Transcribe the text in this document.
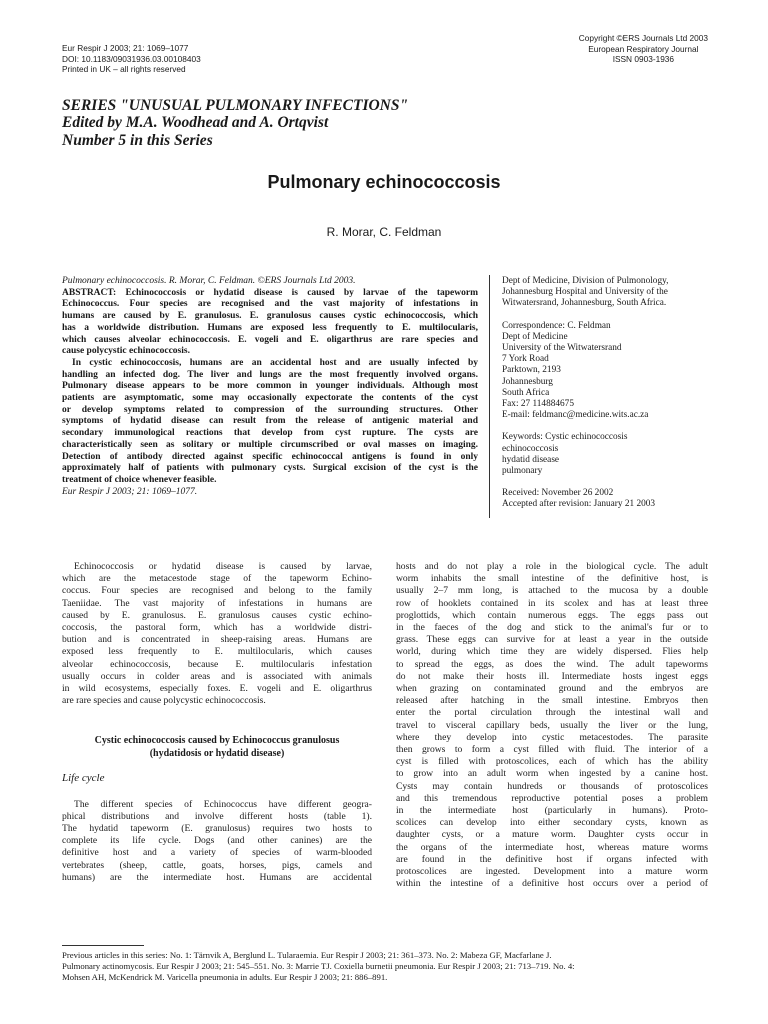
Eur Respir J 2003; 21: 1069–1077
DOI: 10.1183/09031936.03.00108403
Printed in UK – all rights reserved
Copyright ©ERS Journals Ltd 2003
European Respiratory Journal
ISSN 0903-1936
SERIES "UNUSUAL PULMONARY INFECTIONS"
Edited by M.A. Woodhead and A. Ortqvist
Number 5 in this Series
Pulmonary echinococcosis
R. Morar, C. Feldman
Pulmonary echinococcosis. R. Morar, C. Feldman. ©ERS Journals Ltd 2003.
ABSTRACT: Echinococcosis or hydatid disease is caused by larvae of the tapeworm
Echinococcus. Four species are recognised and the vast majority of infestations in
humans are caused by E. granulosus. E. granulosus causes cystic echinococcosis, which
has a worldwide distribution. Humans are exposed less frequently to E. multilocularis,
which causes alveolar echinococcosis. E. vogeli and E. oligarthrus are rare species and
cause polycystic echinococcosis.
In cystic echinococcosis, humans are an accidental host and are usually infected by
handling an infected dog. The liver and lungs are the most frequently involved organs.
Pulmonary disease appears to be more common in younger individuals. Although most
patients are asymptomatic, some may occasionally expectorate the contents of the cyst
or develop symptoms related to compression of the surrounding structures. Other
symptoms of hydatid disease can result from the release of antigenic material and
secondary immunological reactions that develop from cyst rupture. The cysts are
characteristically seen as solitary or multiple circumscribed or oval masses on imaging.
Detection of antibody directed against specific echinococcal antigens is found in only
approximately half of patients with pulmonary cysts. Surgical excision of the cyst is the
treatment of choice whenever feasible.
Eur Respir J 2003; 21: 1069–1077.
Dept of Medicine, Division of Pulmonology,
Johannesburg Hospital and University of the
Witwatersrand, Johannesburg, South Africa.
Correspondence: C. Feldman
Dept of Medicine
University of the Witwatersrand
7 York Road
Parktown, 2193
Johannesburg
South Africa
Fax: 27 114884675
E-mail: feldmanc@medicine.wits.ac.za
Keywords: Cystic echinococcosis
echinococcosis
hydatid disease
pulmonary
Received: November 26 2002
Accepted after revision: January 21 2003
Echinococcosis or hydatid disease is caused by larvae,
which are the metacestode stage of the tapeworm Echino-
coccus. Four species are recognised and belong to the family
Taeniidae. The vast majority of infestations in humans are
caused by E. granulosus. E. granulosus causes cystic echino-
coccosis, the pastoral form, which has a worldwide distri-
bution and is concentrated in sheep-raising areas. Humans are
exposed less frequently to E. multilocularis, which causes
alveolar echinococcosis, because E. multilocularis infestation
usually occurs in colder areas and is associated with animals
in wild ecosystems, especially foxes. E. vogeli and E. oligarthrus
are rare species and cause polycystic echinococcosis.
Cystic echinococcosis caused by Echinococcus granulosus
(hydatidosis or hydatid disease)
Life cycle
The different species of Echinococcus have different geogra-
phical distributions and involve different hosts (table 1).
The hydatid tapeworm (E. granulosus) requires two hosts to
complete its life cycle. Dogs (and other canines) are the
definitive host and a variety of species of warm-blooded
vertebrates (sheep, cattle, goats, horses, pigs, camels and
humans) are the intermediate host. Humans are accidental
hosts and do not play a role in the biological cycle. The adult
worm inhabits the small intestine of the definitive host, is
usually 2–7 mm long, is attached to the mucosa by a double
row of hooklets contained in its scolex and has at least three
proglottids, which contain numerous eggs. The eggs pass out
in the faeces of the dog and stick to the animal's fur or to
grass. These eggs can survive for at least a year in the outside
world, during which time they are widely dispersed. Flies help
to spread the eggs, as does the wind. The adult tapeworms
do not make their hosts ill. Intermediate hosts ingest eggs
when grazing on contaminated ground and the embryos are
released after hatching in the small intestine. Embryos then
enter the portal circulation through the intestinal wall and
travel to visceral capillary beds, usually the liver or the lung,
where they develop into cystic metacestodes. The parasite
then grows to form a cyst filled with fluid. The interior of a
cyst is filled with protoscolices, each of which has the ability
to grow into an adult worm when ingested by a canine host.
Cysts may contain hundreds or thousands of protoscolices
and this tremendous reproductive potential poses a problem
in the intermediate host (particularly in humans). Proto-
scolices can develop into either secondary cysts, known as
daughter cysts, or a mature worm. Daughter cysts occur in
the organs of the intermediate host, whereas mature worms
are found in the definitive host if organs infected with
protoscolices are ingested. Development into a mature worm
within the intestine of a definitive host occurs over a period of
Previous articles in this series: No. 1: Tärnvik A, Berglund L. Tularaemia. Eur Respir J 2003; 21: 361–373. No. 2: Mabeza GF, Macfarlane J.
Pulmonary actinomycosis. Eur Respir J 2003; 21: 545–551. No. 3: Marrie TJ. Coxiella burnetii pneumonia. Eur Respir J 2003; 21: 713–719. No. 4:
Mohsen AH, McKendrick M. Varicella pneumonia in adults. Eur Respir J 2003; 21: 886–891.
